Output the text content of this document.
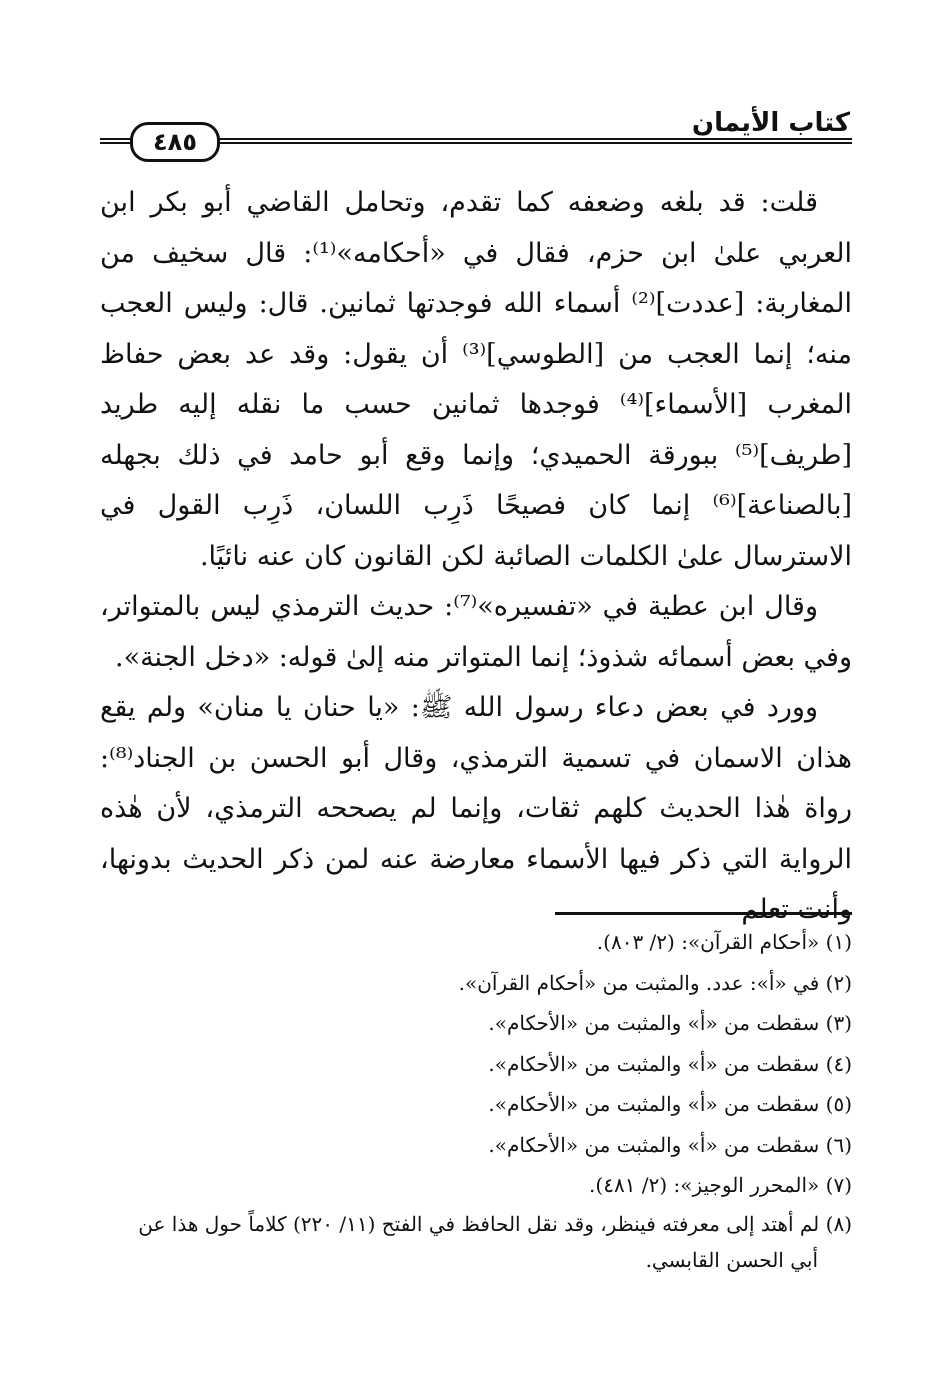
كتاب الأيمان
٤٨٥

قلت: قد بلغه وضعفه كما تقدم، وتحامل القاضي أبو بكر ابن العربي علىٰ ابن حزم، فقال في «أحكامه»⁽¹⁾: قال سخيف من المغاربة: [عددت]⁽²⁾ أسماء الله فوجدتها ثمانين. قال: وليس العجب منه؛ إنما العجب من [الطوسي]⁽³⁾ أن يقول: وقد عد بعض حفاظ المغرب [الأسماء]⁽⁴⁾ فوجدها ثمانين حسب ما نقله إليه طريد [طريف]⁽⁵⁾ ببورقة الحميدي؛ وإنما وقع أبو حامد في ذلك بجهله [بالصناعة]⁽⁶⁾ إنما كان فصيحًا ذَرِب اللسان، ذَرِب القول في الاسترسال علىٰ الكلمات الصائبة لكن القانون كان عنه نائيًا.

وقال ابن عطية في «تفسيره»⁽⁷⁾: حديث الترمذي ليس بالمتواتر، وفي بعض أسمائه شذوذ؛ إنما المتواتر منه إلىٰ قوله: «دخل الجنة».

وورد في بعض دعاء رسول الله ﷺ: «يا حنان يا منان» ولم يقع هذان الاسمان في تسمية الترمذي، وقال أبو الحسن بن الجناد⁽⁸⁾: رواة هٰذا الحديث كلهم ثقات، وإنما لم يصححه الترمذي، لأن هٰذه الرواية التي ذكر فيها الأسماء معارضة عنه لمن ذكر الحديث بدونها، وأنت تعلم

(١) «أحكام القرآن»: (٢/ ٨٠٣).

(٢) في «أ»: عدد. والمثبت من «أحكام القرآن».

(٣) سقطت من «أ» والمثبت من «الأحكام».

(٤) سقطت من «أ» والمثبت من «الأحكام».

(٥) سقطت من «أ» والمثبت من «الأحكام».

(٦) سقطت من «أ» والمثبت من «الأحكام».

(٧) «المحرر الوجيز»: (٢/ ٤٨١).

(٨) لم أهتد إلى معرفته فينظر، وقد نقل الحافظ في الفتح (١١/ ٢٢٠) كلاماً حول هذا عن

أبي الحسن القابسي.
